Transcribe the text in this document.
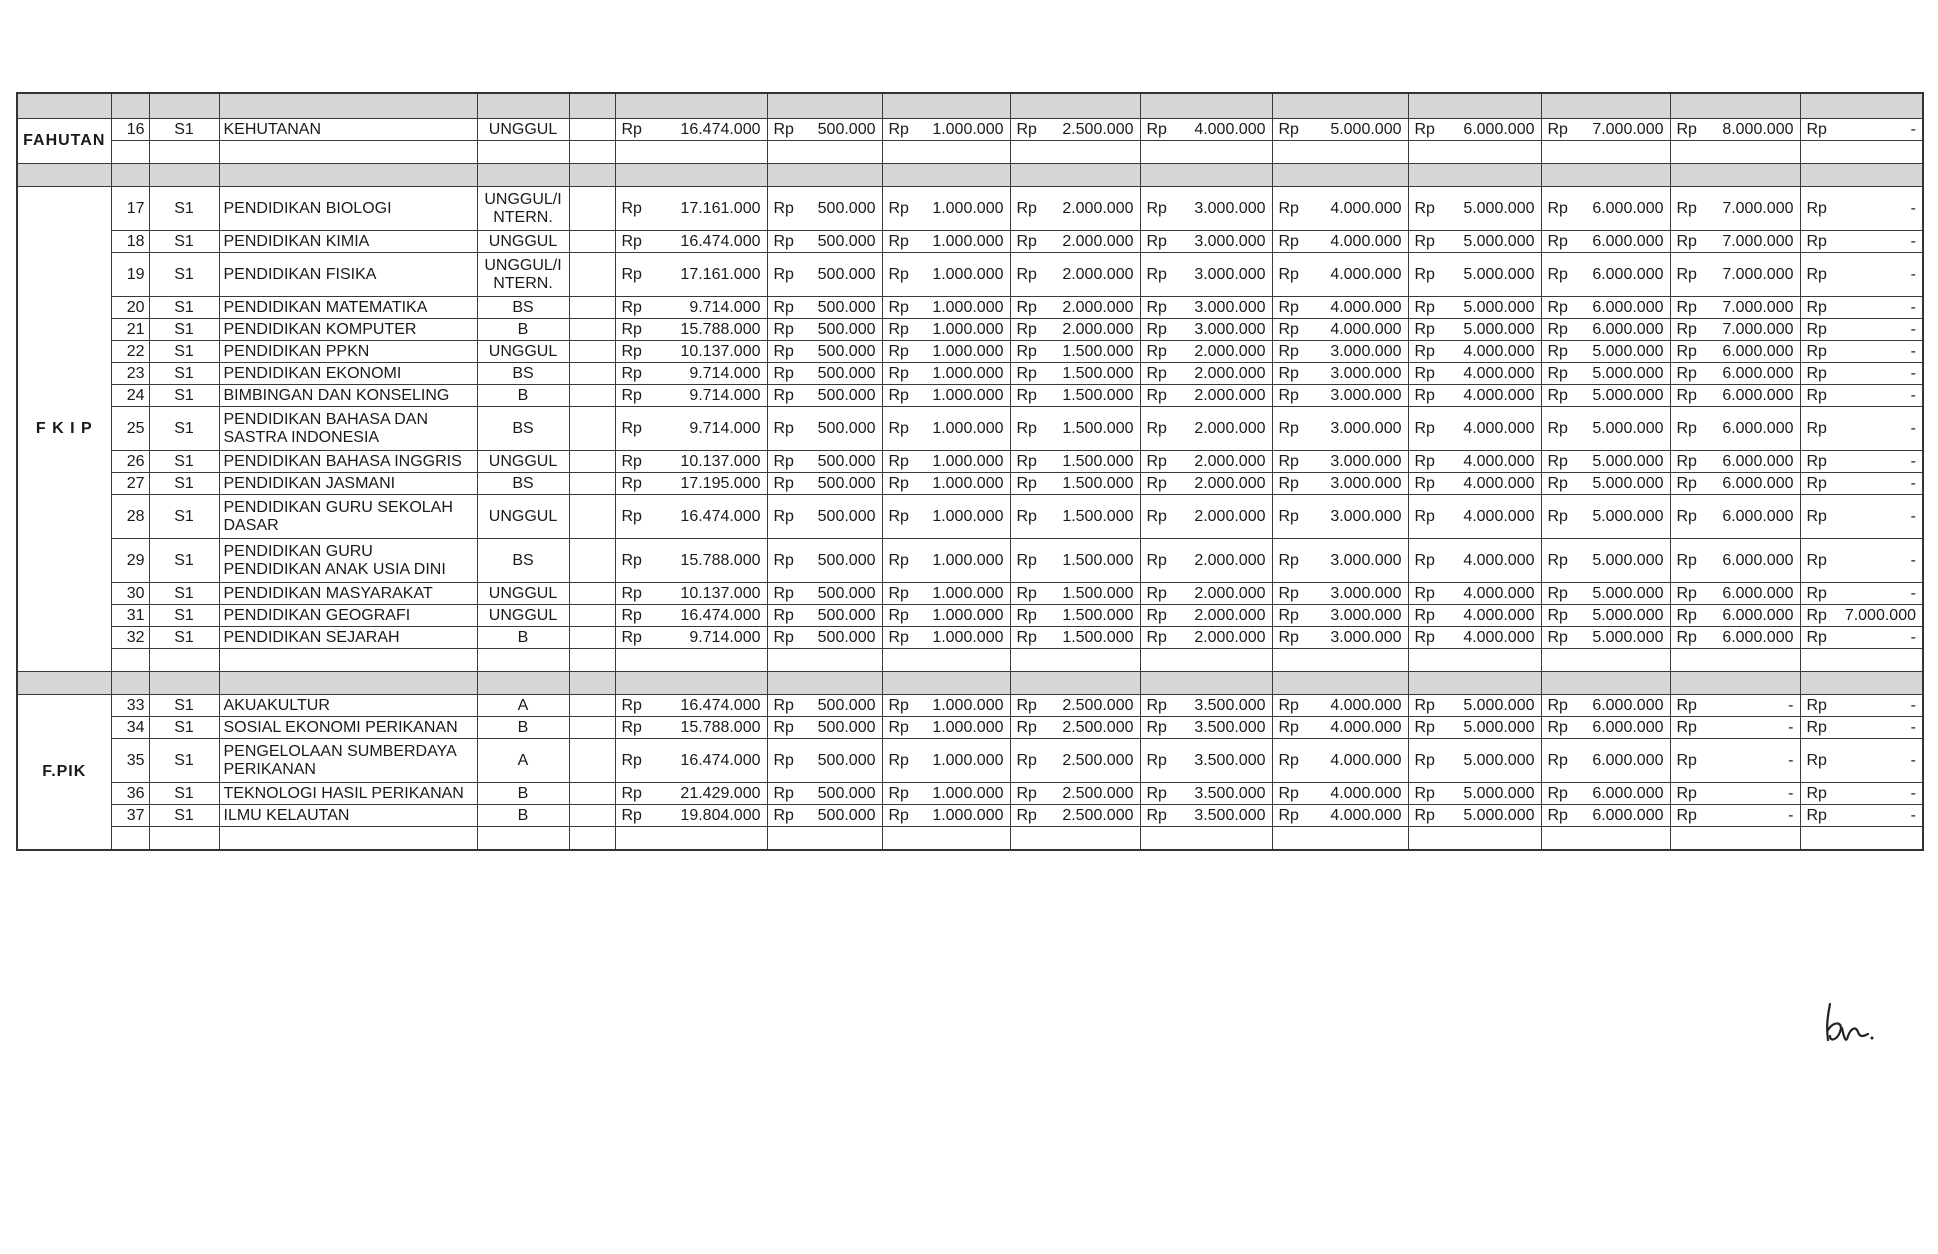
FAHUTAN	16	S1	KEHUTANAN	UNGGUL		Rp 16.474.000	Rp 500.000	Rp 1.000.000	Rp 2.500.000	Rp 4.000.000	Rp 5.000.000	Rp 6.000.000	Rp 7.000.000	Rp 8.000.000	Rp -

F K I P	17	S1	PENDIDIKAN BIOLOGI	UNGGUL/I NTERN.		Rp 17.161.000	Rp 500.000	Rp 1.000.000	Rp 2.000.000	Rp 3.000.000	Rp 4.000.000	Rp 5.000.000	Rp 6.000.000	Rp 7.000.000	Rp -

	18	S1	PENDIDIKAN KIMIA	UNGGUL		Rp 16.474.000	Rp 500.000	Rp 1.000.000	Rp 2.000.000	Rp 3.000.000	Rp 4.000.000	Rp 5.000.000	Rp 6.000.000	Rp 7.000.000	Rp -

	19	S1	PENDIDIKAN FISIKA	UNGGUL/I NTERN.		Rp 17.161.000	Rp 500.000	Rp 1.000.000	Rp 2.000.000	Rp 3.000.000	Rp 4.000.000	Rp 5.000.000	Rp 6.000.000	Rp 7.000.000	Rp -

	20	S1	PENDIDIKAN MATEMATIKA	BS		Rp 9.714.000	Rp 500.000	Rp 1.000.000	Rp 2.000.000	Rp 3.000.000	Rp 4.000.000	Rp 5.000.000	Rp 6.000.000	Rp 7.000.000	Rp -

	21	S1	PENDIDIKAN KOMPUTER	B		Rp 15.788.000	Rp 500.000	Rp 1.000.000	Rp 2.000.000	Rp 3.000.000	Rp 4.000.000	Rp 5.000.000	Rp 6.000.000	Rp 7.000.000	Rp -

	22	S1	PENDIDIKAN PPKN	UNGGUL		Rp 10.137.000	Rp 500.000	Rp 1.000.000	Rp 1.500.000	Rp 2.000.000	Rp 3.000.000	Rp 4.000.000	Rp 5.000.000	Rp 6.000.000	Rp -

	23	S1	PENDIDIKAN EKONOMI	BS		Rp 9.714.000	Rp 500.000	Rp 1.000.000	Rp 1.500.000	Rp 2.000.000	Rp 3.000.000	Rp 4.000.000	Rp 5.000.000	Rp 6.000.000	Rp -

	24	S1	BIMBINGAN DAN KONSELING	B		Rp 9.714.000	Rp 500.000	Rp 1.000.000	Rp 1.500.000	Rp 2.000.000	Rp 3.000.000	Rp 4.000.000	Rp 5.000.000	Rp 6.000.000	Rp -

	25	S1	PENDIDIKAN BAHASA DAN SASTRA INDONESIA	BS		Rp 9.714.000	Rp 500.000	Rp 1.000.000	Rp 1.500.000	Rp 2.000.000	Rp 3.000.000	Rp 4.000.000	Rp 5.000.000	Rp 6.000.000	Rp -

	26	S1	PENDIDIKAN BAHASA INGGRIS	UNGGUL		Rp 10.137.000	Rp 500.000	Rp 1.000.000	Rp 1.500.000	Rp 2.000.000	Rp 3.000.000	Rp 4.000.000	Rp 5.000.000	Rp 6.000.000	Rp -

	27	S1	PENDIDIKAN JASMANI	BS		Rp 17.195.000	Rp 500.000	Rp 1.000.000	Rp 1.500.000	Rp 2.000.000	Rp 3.000.000	Rp 4.000.000	Rp 5.000.000	Rp 6.000.000	Rp -

	28	S1	PENDIDIKAN GURU SEKOLAH DASAR	UNGGUL		Rp 16.474.000	Rp 500.000	Rp 1.000.000	Rp 1.500.000	Rp 2.000.000	Rp 3.000.000	Rp 4.000.000	Rp 5.000.000	Rp 6.000.000	Rp -

	29	S1	PENDIDIKAN GURU PENDIDIKAN ANAK USIA DINI	BS		Rp 15.788.000	Rp 500.000	Rp 1.000.000	Rp 1.500.000	Rp 2.000.000	Rp 3.000.000	Rp 4.000.000	Rp 5.000.000	Rp 6.000.000	Rp -

	30	S1	PENDIDIKAN MASYARAKAT	UNGGUL		Rp 10.137.000	Rp 500.000	Rp 1.000.000	Rp 1.500.000	Rp 2.000.000	Rp 3.000.000	Rp 4.000.000	Rp 5.000.000	Rp 6.000.000	Rp -

	31	S1	PENDIDIKAN GEOGRAFI	UNGGUL		Rp 16.474.000	Rp 500.000	Rp 1.000.000	Rp 1.500.000	Rp 2.000.000	Rp 3.000.000	Rp 4.000.000	Rp 5.000.000	Rp 6.000.000	Rp 7.000.000

	32	S1	PENDIDIKAN SEJARAH	B		Rp 9.714.000	Rp 500.000	Rp 1.000.000	Rp 1.500.000	Rp 2.000.000	Rp 3.000.000	Rp 4.000.000	Rp 5.000.000	Rp 6.000.000	Rp -

F.PIK	33	S1	AKUAKULTUR	A		Rp 16.474.000	Rp 500.000	Rp 1.000.000	Rp 2.500.000	Rp 3.500.000	Rp 4.000.000	Rp 5.000.000	Rp 6.000.000	Rp -	Rp -

	34	S1	SOSIAL EKONOMI PERIKANAN	B		Rp 15.788.000	Rp 500.000	Rp 1.000.000	Rp 2.500.000	Rp 3.500.000	Rp 4.000.000	Rp 5.000.000	Rp 6.000.000	Rp -	Rp -

	35	S1	PENGELOLAAN SUMBERDAYA PERIKANAN	A		Rp 16.474.000	Rp 500.000	Rp 1.000.000	Rp 2.500.000	Rp 3.500.000	Rp 4.000.000	Rp 5.000.000	Rp 6.000.000	Rp -	Rp -

	36	S1	TEKNOLOGI HASIL PERIKANAN	B		Rp 21.429.000	Rp 500.000	Rp 1.000.000	Rp 2.500.000	Rp 3.500.000	Rp 4.000.000	Rp 5.000.000	Rp 6.000.000	Rp -	Rp -

	37	S1	ILMU KELAUTAN	B		Rp 19.804.000	Rp 500.000	Rp 1.000.000	Rp 2.500.000	Rp 3.500.000	Rp 4.000.000	Rp 5.000.000	Rp 6.000.000	Rp -	Rp -
